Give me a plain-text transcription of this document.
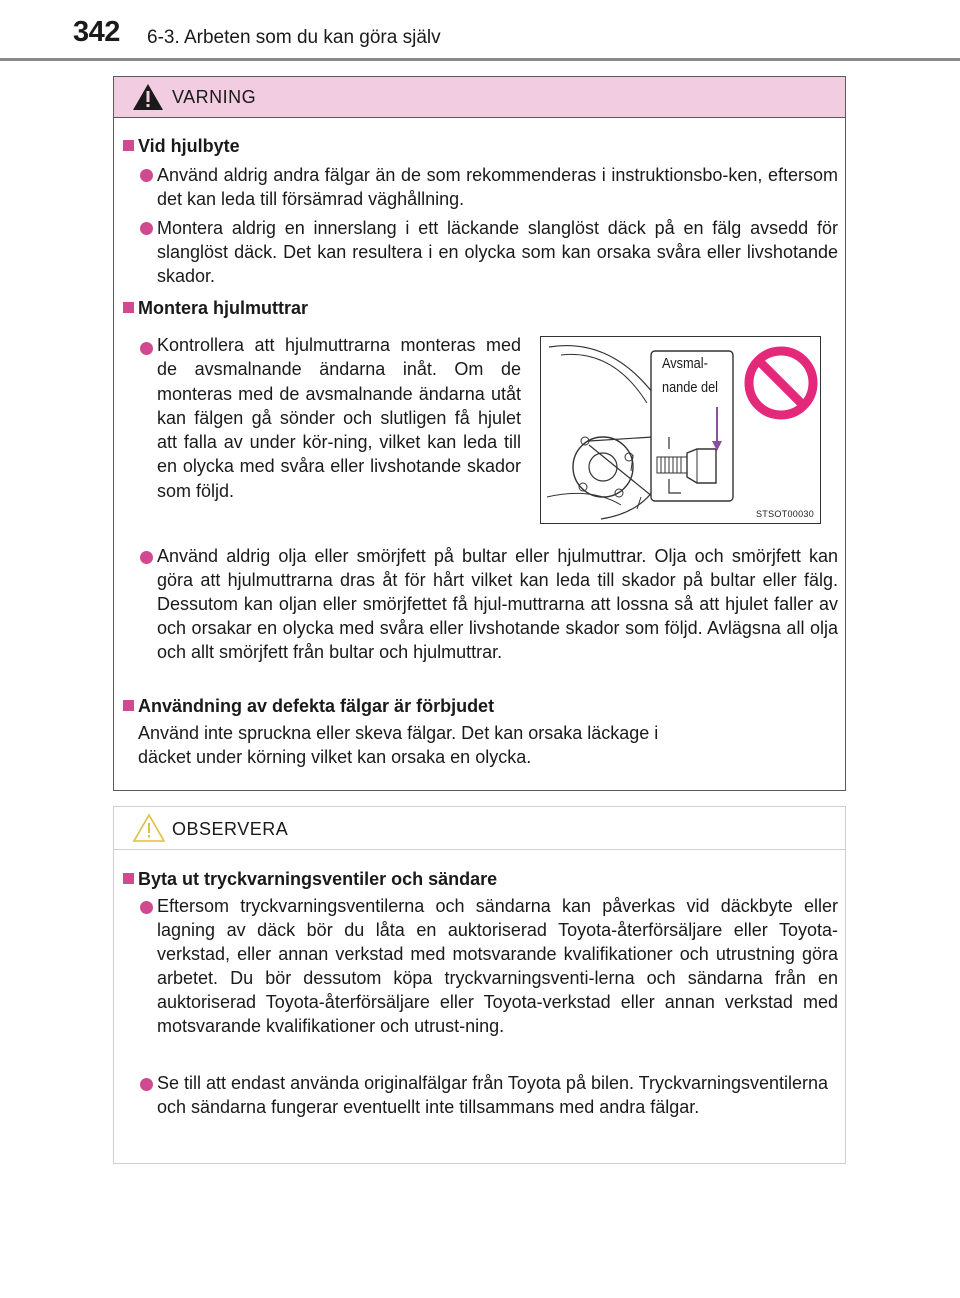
342 6-3. Arbeten som du kan göra själv
VARNING
Vid hjulbyte
Använd aldrig andra fälgar än de som rekommenderas i instruktionsbo-ken, eftersom det kan leda till försämrad väghållning.
Montera aldrig en innerslang i ett läckande slanglöst däck på en fälg avsedd för slanglöst däck. Det kan resultera i en olycka som kan orsaka svåra eller livshotande skador.
Montera hjulmuttrar
Kontrollera att hjulmuttrarna monteras med de avsmalnande ändarna inåt. Om de monteras med de avsmalnande ändarna utåt kan fälgen gå sönder och slutligen få hjulet att falla av under kör-ning, vilket kan leda till en olycka med svåra eller livshotande skador som följd.
Använd aldrig olja eller smörjfett på bultar eller hjulmuttrar. Olja och smörjfett kan göra att hjulmuttrarna dras åt för hårt vilket kan leda till skador på bultar eller fälg. Dessutom kan oljan eller smörjfettet få hjul-muttrarna att lossna så att hjulet faller av och orsakar en olycka med svåra eller livshotande skador som följd. Avlägsna all olja och allt smörjfett från bultar och hjulmuttrar.
Användning av defekta fälgar är förbjudet
Använd inte spruckna eller skeva fälgar. Det kan orsaka läckage i däcket under körning vilket kan orsaka en olycka.
Avsmal-
nande del
STSOT00030
OBSERVERA
Byta ut tryckvarningsventiler och sändare
Eftersom tryckvarningsventilerna och sändarna kan påverkas vid däckbyte eller lagning av däck bör du låta en auktoriserad Toyota-återförsäljare eller Toyota-verkstad, eller annan verkstad med motsvarande kvalifikationer och utrustning göra arbetet. Du bör dessutom köpa tryckvarningsventi-lerna och sändarna från en auktoriserad Toyota-återförsäljare eller Toyota-verkstad eller annan verkstad med motsvarande kvalifikationer och utrust-ning.
Se till att endast använda originalfälgar från Toyota på bilen. Tryckvarningsventilerna och sändarna fungerar eventuellt inte tillsammans med andra fälgar.
